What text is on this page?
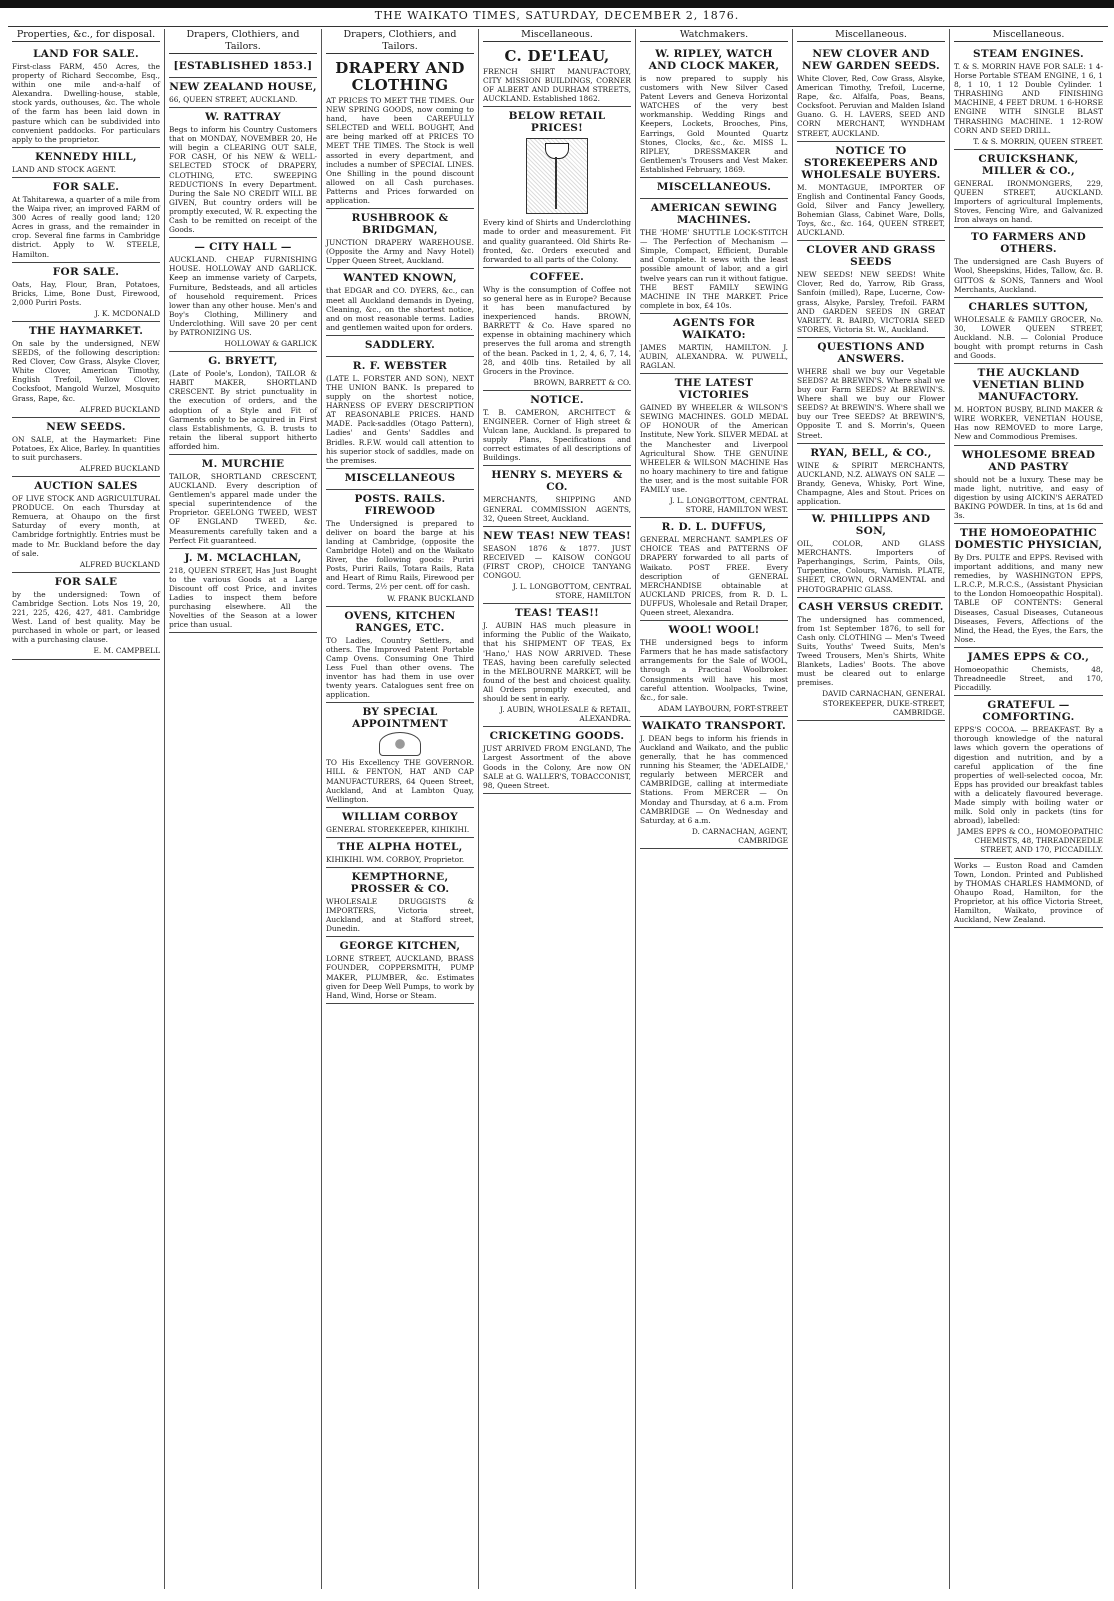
THE WAIKATO TIMES, SATURDAY, DECEMBER 2, 1876.
Properties, &c., for disposal.
LAND FOR SALE.
First-class FARM, 450 Acres, the property of Richard Seccombe, Esq., within one mile and-a-half of Alexandra. Dwelling-house, stable, stock yards, outhouses, &c. The whole of the farm has been laid down in pasture which can be subdivided into convenient paddocks. For particulars apply to the proprietor.
KENNEDY HILL,
LAND AND STOCK AGENT.
FOR SALE.
At Tahitarewa, a quarter of a mile from the Waipa river, an improved FARM of 300 Acres of really good land; 120 Acres in grass, and the remainder in crop. Several fine farms in Cambridge district. Apply to W. STEELE, Hamilton.
FOR SALE.
Oats, Hay, Flour, Bran, Potatoes, Bricks, Lime, Bone Dust, Firewood, 2,000 Puriri Posts.
J. K. MCDONALD
THE HAYMARKET.
On sale by the undersigned, NEW SEEDS, of the following description: Red Clover, Cow Grass, Alsyke Clover, White Clover, American Timothy, English Trefoil, Yellow Clover, Cocksfoot, Mangold Wurzel, Mosquito Grass, Rape, &c.
ALFRED BUCKLAND
NEW SEEDS.
ON SALE, at the Haymarket: Fine Potatoes, Ex Alice, Barley. In quantities to suit purchasers.
ALFRED BUCKLAND
AUCTION SALES
OF LIVE STOCK AND AGRICULTURAL PRODUCE. On each Thursday at Remuera, at Ohaupo on the first Saturday of every month, at Cambridge fortnightly. Entries must be made to Mr. Buckland before the day of sale.
ALFRED BUCKLAND
FOR SALE
by the undersigned: Town of Cambridge Section. Lots Nos 19, 20, 221, 225, 426, 427, 481. Cambridge West. Land of best quality. May be purchased in whole or part, or leased with a purchasing clause.
E. M. CAMPBELL
Drapers, Clothiers, and Tailors.
[ESTABLISHED 1853.]
NEW ZEALAND HOUSE,
66, QUEEN STREET, AUCKLAND.
W. RATTRAY
Begs to inform his Country Customers that on MONDAY, NOVEMBER 20, He will begin a CLEARING OUT SALE, FOR CASH, Of his NEW & WELL-SELECTED STOCK of DRAPERY, CLOTHING, ETC. SWEEPING REDUCTIONS In every Department. During the Sale NO CREDIT WILL BE GIVEN, But country orders will be promptly executed, W. R. expecting the Cash to be remitted on receipt of the Goods.
— CITY HALL —
AUCKLAND. CHEAP FURNISHING HOUSE. HOLLOWAY AND GARLICK. Keep an immense variety of Carpets, Furniture, Bedsteads, and all articles of household requirement. Prices lower than any other house. Men's and Boy's Clothing, Millinery and Underclothing. Will save 20 per cent by PATRONIZING US.
HOLLOWAY & GARLICK
G. BRYETT,
(Late of Poole's, London), TAILOR & HABIT MAKER, SHORTLAND CRESCENT. By strict punctuality in the execution of orders, and the adoption of a Style and Fit of Garments only to be acquired in First class Establishments, G. B. trusts to retain the liberal support hitherto afforded him.
M. MURCHIE
TAILOR, SHORTLAND CRESCENT, AUCKLAND. Every description of Gentlemen's apparel made under the special superintendence of the Proprietor. GEELONG TWEED, WEST OF ENGLAND TWEED, &c. Measurements carefully taken and a Perfect Fit guaranteed.
J. M. MCLACHLAN,
218, QUEEN STREET, Has Just Bought to the various Goods at a Large Discount off cost Price, and invites Ladies to inspect them before purchasing elsewhere. All the Novelties of the Season at a lower price than usual.
Drapers, Clothiers, and Tailors.
DRAPERY AND CLOTHING
AT PRICES TO MEET THE TIMES. Our NEW SPRING GOODS, now coming to hand, have been CAREFULLY SELECTED and WELL BOUGHT, And are being marked off at PRICES TO MEET THE TIMES. The Stock is well assorted in every department, and includes a number of SPECIAL LINES. One Shilling in the pound discount allowed on all Cash purchases. Patterns and Prices forwarded on application.
RUSHBROOK & BRIDGMAN,
JUNCTION DRAPERY WAREHOUSE. (Opposite the Army and Navy Hotel) Upper Queen Street, Auckland.
WANTED KNOWN,
that EDGAR and CO. DYERS, &c., can meet all Auckland demands in Dyeing, Cleaning, &c., on the shortest notice, and on most reasonable terms. Ladies and gentlemen waited upon for orders.
SADDLERY.
R. F. WEBSTER
(LATE L. FORSTER AND SON), NEXT THE UNION BANK. Is prepared to supply on the shortest notice, HARNESS OF EVERY DESCRIPTION AT REASONABLE PRICES. HAND MADE. Pack-saddles (Otago Pattern), Ladies' and Gents' Saddles and Bridles. R.F.W. would call attention to his superior stock of saddles, made on the premises.
MISCELLANEOUS
POSTS. RAILS. FIREWOOD
The Undersigned is prepared to deliver on board the barge at his landing at Cambridge, (opposite the Cambridge Hotel) and on the Waikato River, the following goods: Puriri Posts, Puriri Rails, Totara Rails, Rata and Heart of Rimu Rails, Firewood per cord. Terms, 2½ per cent. off for cash.
W. FRANK BUCKLAND
OVENS, KITCHEN RANGES, ETC.
TO Ladies, Country Settlers, and others. The Improved Patent Portable Camp Ovens. Consuming One Third Less Fuel than other ovens. The inventor has had them in use over twenty years. Catalogues sent free on application.
BY SPECIAL APPOINTMENT
TO His Excellency THE GOVERNOR. HILL & FENTON, HAT AND CAP MANUFACTURERS, 64 Queen Street, Auckland, And at Lambton Quay, Wellington.
WILLIAM CORBOY
GENERAL STOREKEEPER, KIHIKIHI.
THE ALPHA HOTEL,
KIHIKIHI. WM. CORBOY, Proprietor.
KEMPTHORNE, PROSSER & CO.
WHOLESALE DRUGGISTS & IMPORTERS, Victoria street, Auckland, and at Stafford street, Dunedin.
GEORGE KITCHEN,
LORNE STREET, AUCKLAND, BRASS FOUNDER, COPPERSMITH, PUMP MAKER, PLUMBER, &c. Estimates given for Deep Well Pumps, to work by Hand, Wind, Horse or Steam.
Miscellaneous.
C. DE'LEAU,
FRENCH SHIRT MANUFACTORY, CITY MISSION BUILDINGS, CORNER OF ALBERT AND DURHAM STREETS, AUCKLAND. Established 1862.
BELOW RETAIL PRICES!
Every kind of Shirts and Underclothing made to order and measurement. Fit and quality guaranteed. Old Shirts Re-fronted, &c. Orders executed and forwarded to all parts of the Colony.
COFFEE.
Why is the consumption of Coffee not so general here as in Europe? Because it has been manufactured by inexperienced hands. BROWN, BARRETT & Co. Have spared no expense in obtaining machinery which preserves the full aroma and strength of the bean. Packed in 1, 2, 4, 6, 7, 14, 28, and 40lb tins. Retailed by all Grocers in the Province.
BROWN, BARRETT & CO.
NOTICE.
T. B. CAMERON, ARCHITECT & ENGINEER. Corner of High street & Vulcan lane, Auckland. Is prepared to supply Plans, Specifications and correct estimates of all descriptions of Buildings.
HENRY S. MEYERS & CO.
MERCHANTS, SHIPPING AND GENERAL COMMISSION AGENTS, 32, Queen Street, Auckland.
NEW TEAS! NEW TEAS!
SEASON 1876 & 1877. JUST RECEIVED — KAISOW CONGOU (FIRST CROP), CHOICE TANYANG CONGOU.
J. L. LONGBOTTOM, CENTRAL STORE, HAMILTON
TEAS! TEAS!!
J. AUBIN HAS much pleasure in informing the Public of the Waikato, that his SHIPMENT OF TEAS, Ex 'Hano,' HAS NOW ARRIVED. These TEAS, having been carefully selected in the MELBOURNE MARKET, will be found of the best and choicest quality. All Orders promptly executed, and should be sent in early.
J. AUBIN, WHOLESALE & RETAIL, ALEXANDRA.
CRICKETING GOODS.
JUST ARRIVED FROM ENGLAND, The Largest Assortment of the above Goods in the Colony, Are now ON SALE at G. WALLER'S, TOBACCONIST, 98, Queen Street.
Watchmakers.
W. RIPLEY, WATCH AND CLOCK MAKER,
is now prepared to supply his customers with New Silver Cased Patent Levers and Geneva Horizontal WATCHES of the very best workmanship. Wedding Rings and Keepers, Lockets, Brooches, Pins, Earrings, Gold Mounted Quartz Stones, Clocks, &c., &c. MISS L. RIPLEY, DRESSMAKER and Gentlemen's Trousers and Vest Maker. Established February, 1869.
MISCELLANEOUS.
AMERICAN SEWING MACHINES.
THE 'HOME' SHUTTLE LOCK-STITCH — The Perfection of Mechanism — Simple, Compact, Efficient, Durable and Complete. It sews with the least possible amount of labor, and a girl twelve years can run it without fatigue. THE BEST FAMILY SEWING MACHINE IN THE MARKET. Price complete in box, £4 10s.
AGENTS FOR WAIKATO:
JAMES MARTIN, HAMILTON. J. AUBIN, ALEXANDRA. W. PUWELL, RAGLAN.
THE LATEST VICTORIES
GAINED BY WHEELER & WILSON'S SEWING MACHINES. GOLD MEDAL OF HONOUR of the American Institute, New York. SILVER MEDAL at the Manchester and Liverpool Agricultural Show. THE GENUINE WHEELER & WILSON MACHINE Has no hoary machinery to tire and fatigue the user, and is the most suitable FOR FAMILY use.
J. L. LONGBOTTOM, CENTRAL STORE, HAMILTON WEST.
R. D. L. DUFFUS,
GENERAL MERCHANT. SAMPLES OF CHOICE TEAS and PATTERNS OF DRAPERY forwarded to all parts of Waikato. POST FREE. Every description of GENERAL MERCHANDISE obtainable at AUCKLAND PRICES, from R. D. L. DUFFUS, Wholesale and Retail Draper, Queen street, Alexandra.
WOOL! WOOL!
THE undersigned begs to inform Farmers that he has made satisfactory arrangements for the Sale of WOOL, through a Practical Woolbroker. Consignments will have his most careful attention. Woolpacks, Twine, &c., for sale.
ADAM LAYBOURN, FORT-STREET
WAIKATO TRANSPORT.
J. DEAN begs to inform his friends in Auckland and Waikato, and the public generally, that he has commenced running his Steamer, the 'ADELAIDE,' regularly between MERCER and CAMBRIDGE, calling at intermediate Stations. From MERCER — On Monday and Thursday, at 6 a.m. From CAMBRIDGE — On Wednesday and Saturday, at 6 a.m.
D. CARNACHAN, AGENT, CAMBRIDGE
Miscellaneous.
NEW CLOVER AND NEW GARDEN SEEDS.
White Clover, Red, Cow Grass, Alsyke, American Timothy, Trefoil, Lucerne, Rape, &c. Alfalfa, Poas, Beans, Cocksfoot. Peruvian and Malden Island Guano. G. H. LAVERS, SEED AND CORN MERCHANT, WYNDHAM STREET, AUCKLAND.
NOTICE TO STOREKEEPERS AND WHOLESALE BUYERS.
M. MONTAGUE, IMPORTER OF English and Continental Fancy Goods, Gold, Silver and Fancy Jewellery, Bohemian Glass, Cabinet Ware, Dolls, Toys, &c., &c. 164, QUEEN STREET, AUCKLAND.
CLOVER AND GRASS SEEDS
NEW SEEDS! NEW SEEDS! White Clover, Red do, Yarrow, Rib Grass, Sanfoin (milled), Rape, Lucerne, Cow-grass, Alsyke, Parsley, Trefoil. FARM AND GARDEN SEEDS IN GREAT VARIETY. R. BAIRD, VICTORIA SEED STORES, Victoria St. W., Auckland.
QUESTIONS AND ANSWERS.
WHERE shall we buy our Vegetable SEEDS? At BREWIN'S. Where shall we buy our Farm SEEDS? At BREWIN'S. Where shall we buy our Flower SEEDS? At BREWIN'S. Where shall we buy our Tree SEEDS? At BREWIN'S, Opposite T. and S. Morrin's, Queen Street.
RYAN, BELL, & CO.,
WINE & SPIRIT MERCHANTS, AUCKLAND, N.Z. ALWAYS ON SALE — Brandy, Geneva, Whisky, Port Wine, Champagne, Ales and Stout. Prices on application.
W. PHILLIPPS AND SON,
OIL, COLOR, AND GLASS MERCHANTS. Importers of Paperhangings, Scrim, Paints, Oils, Turpentine, Colours, Varnish. PLATE, SHEET, CROWN, ORNAMENTAL and PHOTOGRAPHIC GLASS.
CASH VERSUS CREDIT.
The undersigned has commenced, from 1st September 1876, to sell for Cash only. CLOTHING — Men's Tweed Suits, Youths' Tweed Suits, Men's Tweed Trousers, Men's Shirts, White Blankets, Ladies' Boots. The above must be cleared out to enlarge premises.
DAVID CARNACHAN, GENERAL STOREKEEPER, DUKE-STREET, CAMBRIDGE.
Miscellaneous.
STEAM ENGINES.
T. & S. MORRIN HAVE FOR SALE: 1 4-Horse Portable STEAM ENGINE, 1 6, 1 8, 1 10, 1 12 Double Cylinder. 1 THRASHING AND FINISHING MACHINE, 4 FEET DRUM. 1 6-HORSE ENGINE WITH SINGLE BLAST THRASHING MACHINE. 1 12-ROW CORN AND SEED DRILL.
T. & S. MORRIN, QUEEN STREET.
CRUICKSHANK, MILLER & CO.,
GENERAL IRONMONGERS, 229, QUEEN STREET, AUCKLAND. Importers of agricultural Implements, Stoves, Fencing Wire, and Galvanized Iron always on hand.
TO FARMERS AND OTHERS.
The undersigned are Cash Buyers of Wool, Sheepskins, Hides, Tallow, &c. B. GITTOS & SONS, Tanners and Wool Merchants, Auckland.
CHARLES SUTTON,
WHOLESALE & FAMILY GROCER, No. 30, LOWER QUEEN STREET, Auckland. N.B. — Colonial Produce bought with prompt returns in Cash and Goods.
THE AUCKLAND VENETIAN BLIND MANUFACTORY.
M. HORTON BUSBY, BLIND MAKER & WIRE WORKER, VENETIAN HOUSE, Has now REMOVED to more Large, New and Commodious Premises.
WHOLESOME BREAD AND PASTRY
should not be a luxury. These may be made light, nutritive, and easy of digestion by using AICKIN'S AERATED BAKING POWDER. In tins, at 1s 6d and 3s.
THE HOMOEOPATHIC DOMESTIC PHYSICIAN,
By Drs. PULTE and EPPS. Revised with important additions, and many new remedies, by WASHINGTON EPPS, L.R.C.P., M.R.C.S., (Assistant Physician to the London Homoeopathic Hospital). TABLE OF CONTENTS: General Diseases, Casual Diseases, Cutaneous Diseases, Fevers, Affections of the Mind, the Head, the Eyes, the Ears, the Nose.
JAMES EPPS & CO.,
Homoeopathic Chemists, 48, Threadneedle Street, and 170, Piccadilly.
GRATEFUL — COMFORTING.
EPPS'S COCOA. — BREAKFAST. By a thorough knowledge of the natural laws which govern the operations of digestion and nutrition, and by a careful application of the fine properties of well-selected cocoa, Mr. Epps has provided our breakfast tables with a delicately flavoured beverage. Made simply with boiling water or milk. Sold only in packets (tins for abroad), labelled:
JAMES EPPS & CO., HOMOEOPATHIC CHEMISTS, 48, THREADNEEDLE STREET, AND 170, PICCADILLY.
Works — Euston Road and Camden Town, London. Printed and Published by THOMAS CHARLES HAMMOND, of Ohaupo Road, Hamilton, for the Proprietor, at his office Victoria Street, Hamilton, Waikato, province of Auckland, New Zealand.
